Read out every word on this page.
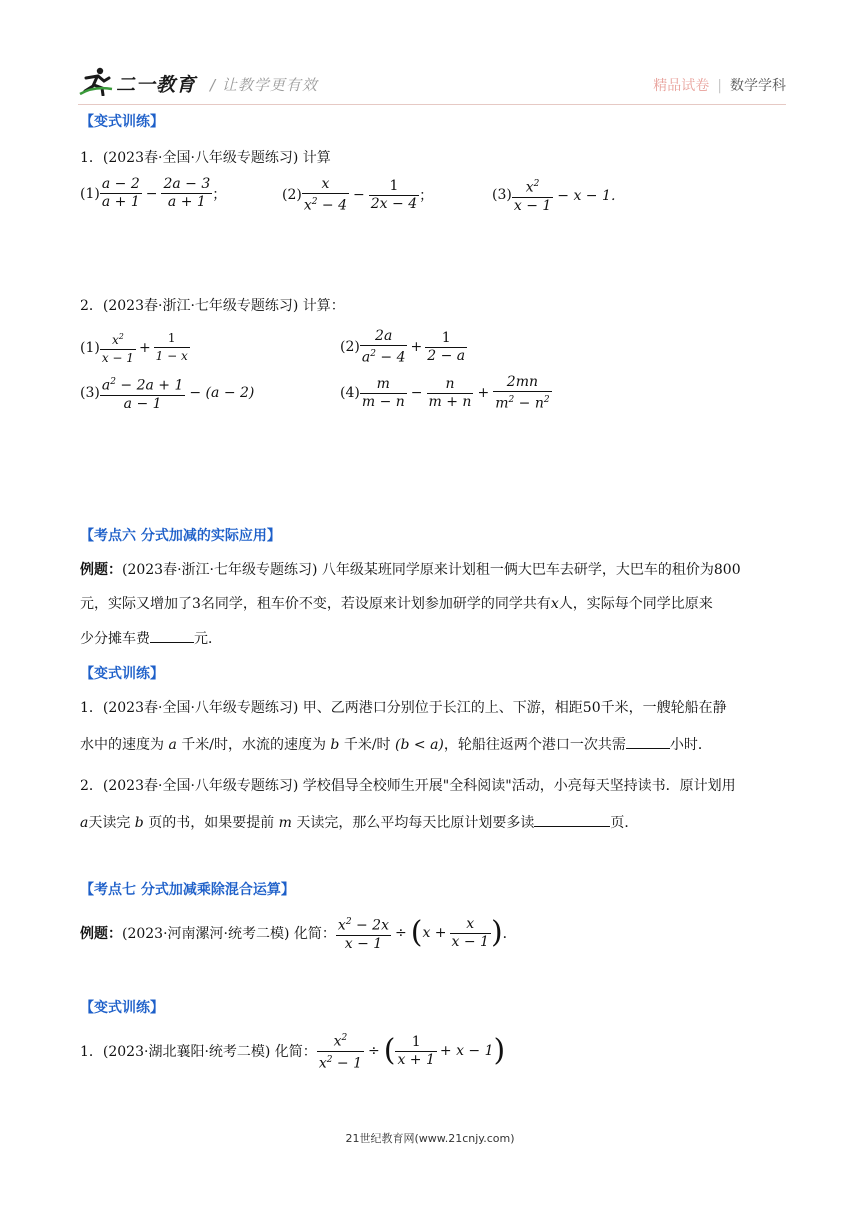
二一教育 / 让教学更有效	精品试卷 | 数学学科
【变式训练】
1．(2023春·全国·八年级专题练习) 计算
$(1) \frac{a - 2}{a + 1} - \frac{2a - 3}{a + 1}$ ；	$(2) \frac{x}{x^2 - 4} - \frac{1}{2x - 4}$ ；	$(3) \frac{x^2}{x - 1} - x - 1$．
2．(2023春·浙江·七年级专题练习) 计算：
$(1) \frac{x^2}{x - 1} + \frac{1}{1 - x}$	$(2) \frac{2a}{a^2 - 4} + \frac{1}{2 - a}$
$(3) \frac{a^2 - 2a + 1}{a - 1} - (a - 2)$	$(4) \frac{m}{m - n} - \frac{n}{m + n} + \frac{2mn}{m^2 - n^2}$
【考点六 分式加减的实际应用】
例题：(2023春·浙江·七年级专题练习) 八年级某班同学原来计划租一俩大巴车去研学，大巴车的租价为800
元，实际又增加了3名同学，租车价不变，若设原来计划参加研学的同学共有x人，实际每个同学比原来
少分摊车费	元．
【变式训练】
1．(2023春·全国·八年级专题练习) 甲、乙两港口分别位于长江的上、下游，相距50千米，一艘轮船在静
水中的速度为 a 千米/时，水流的速度为 b 千米/时 (b < a)，轮船往返两个港口一次共需	小时．
2．(2023春·全国·八年级专题练习) 学校倡导全校师生开展"全科阅读"活动，小亮每天坚持读书．原计划用
a天读完 b 页的书，如果要提前 m 天读完，那么平均每天比原计划要多读	页．
【考点七 分式加减乘除混合运算】
例题： (2023·河南漯河·统考二模) 化简： $\frac{x^2 - 2x}{x - 1}$ ÷ ( $x + \frac{x}{x - 1}$ ) ．
【变式训练】
1．(2023·湖北襄阳·统考二模) 化简： $\frac{x^2}{x^2 - 1}$ ÷ ( $\frac{1}{x + 1} + x - 1$ )
21世纪教育网(www.21cnjy.com)
